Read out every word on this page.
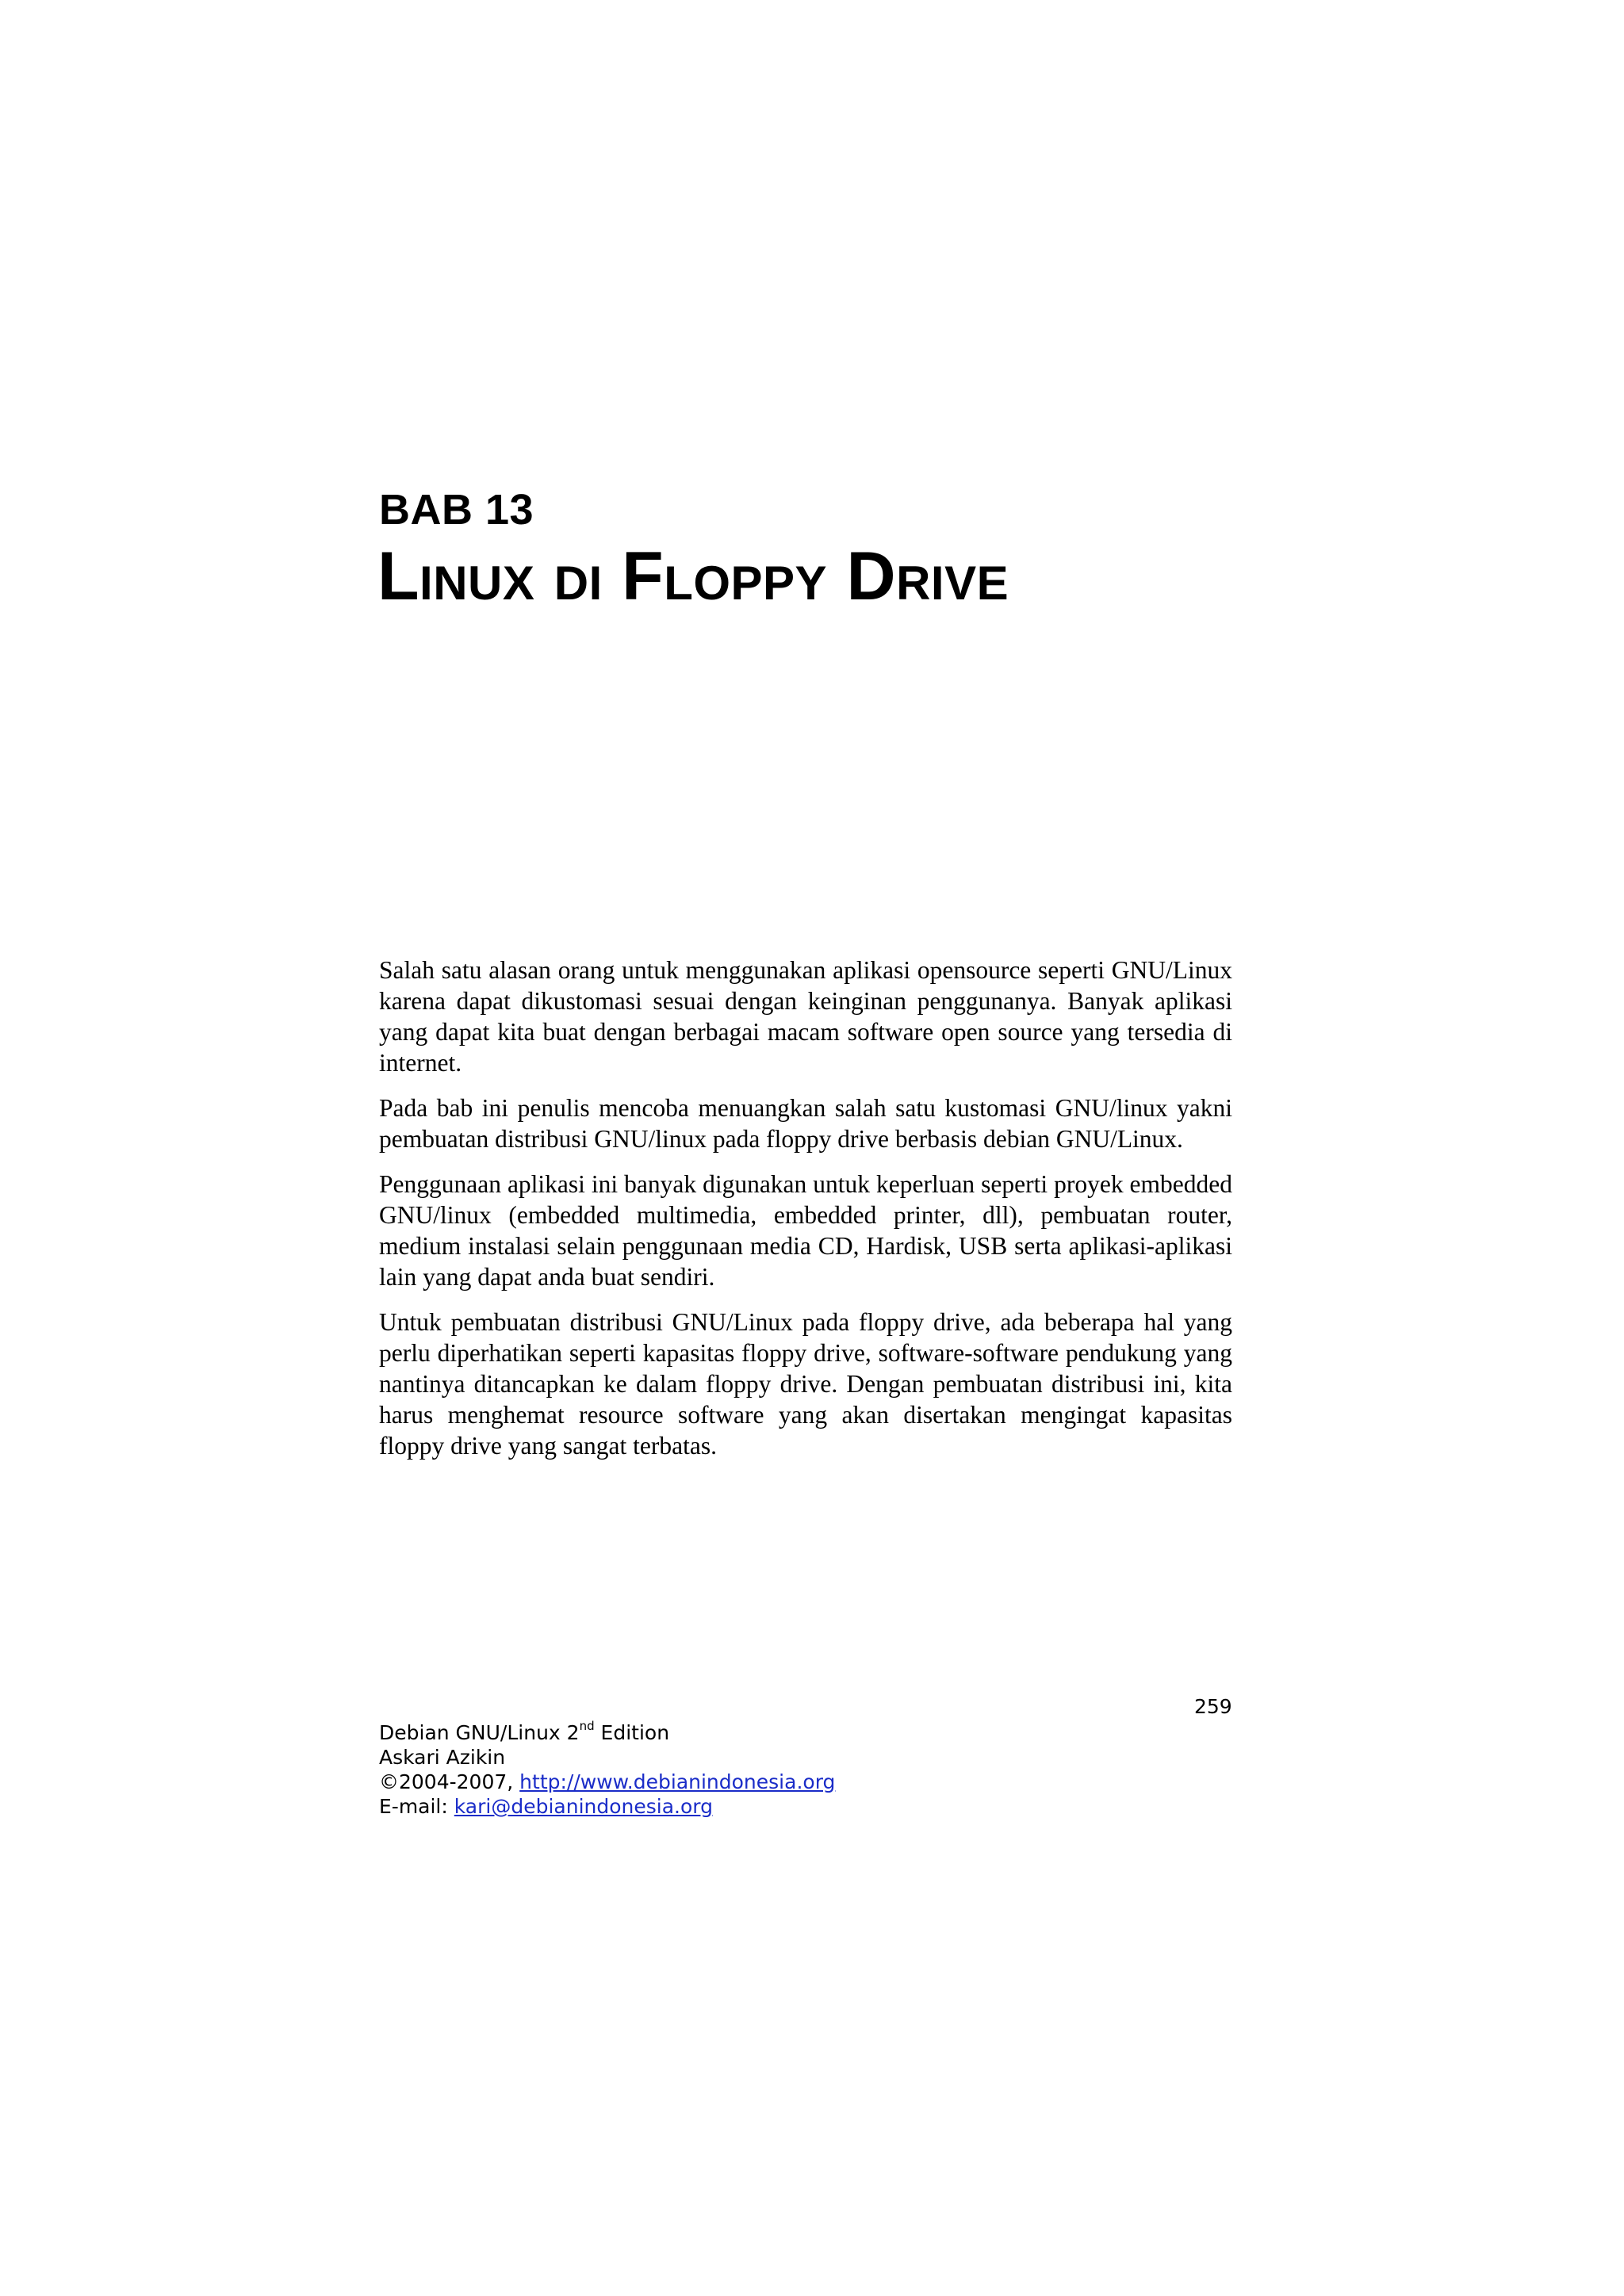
BAB 13
Linux di Floppy Drive

Salah satu alasan orang untuk menggunakan aplikasi opensource seperti GNU/Linux karena dapat dikustomasi sesuai dengan keinginan penggunanya. Banyak aplikasi yang dapat kita buat dengan berbagai macam software open source yang tersedia di internet.

Pada bab ini penulis mencoba menuangkan salah satu kustomasi GNU/linux yakni pembuatan distribusi GNU/linux pada floppy drive berbasis debian GNU/Linux.

Penggunaan aplikasi ini banyak digunakan untuk keperluan seperti proyek embedded GNU/linux (embedded multimedia, embedded printer, dll), pembuatan router, medium instalasi selain penggunaan media CD, Hardisk, USB serta aplikasi-aplikasi lain yang dapat anda buat sendiri.

Untuk pembuatan distribusi GNU/Linux pada floppy drive, ada beberapa hal yang perlu diperhatikan seperti kapasitas floppy drive, software-software pendukung yang nantinya ditancapkan ke dalam floppy drive. Dengan pembuatan distribusi ini, kita harus menghemat resource software yang akan disertakan mengingat kapasitas floppy drive yang sangat terbatas.

259
Debian GNU/Linux 2nd Edition
Askari Azikin
©2004-2007, http://www.debianindonesia.org
E-mail: kari@debianindonesia.org
